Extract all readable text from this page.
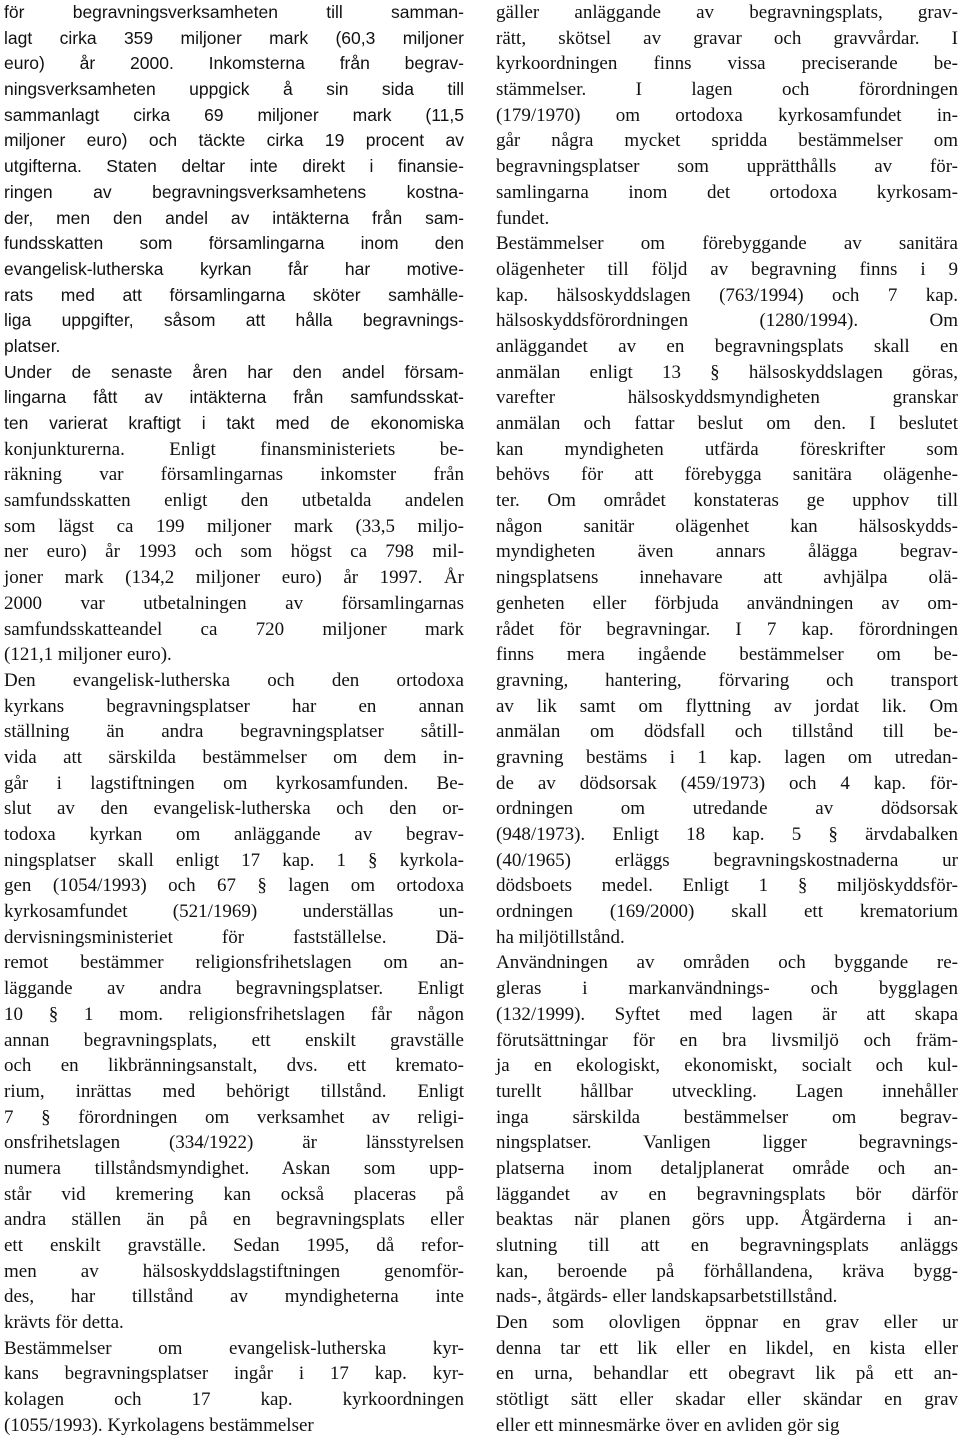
för begravningsverksamheten till samman-
lagt cirka 359 miljoner mark (60,3 miljoner
euro) år 2000. Inkomsterna från begrav-
ningsverksamheten uppgick å sin sida till
sammanlagt cirka 69 miljoner mark (11,5
miljoner euro) och täckte cirka 19 procent av
utgifterna. Staten deltar inte direkt i finansie-
ringen av begravningsverksamhetens kostna-
der, men den andel av intäkterna från sam-
fundsskatten som församlingarna inom den
evangelisk-lutherska kyrkan får har motive-
rats med att församlingarna sköter samhälle-
liga uppgifter, såsom att hålla begravnings-
platser.
Under de senaste åren har den andel försam-
lingarna fått av intäkterna från samfundsskat-
ten varierat kraftigt i takt med de ekonomiska
konjunkturerna. Enligt finansministeriets be-
räkning var församlingarnas inkomster från
samfundsskatten enligt den utbetalda andelen
som lägst ca 199 miljoner mark (33,5 miljo-
ner euro) år 1993 och som högst ca 798 mil-
joner mark (134,2 miljoner euro) år 1997. År
2000 var utbetalningen av församlingarnas
samfundsskatteandel ca 720 miljoner mark
(121,1 miljoner euro).
Den evangelisk-lutherska och den ortodoxa
kyrkans begravningsplatser har en annan
ställning än andra begravningsplatser såtill-
vida att särskilda bestämmelser om dem in-
går i lagstiftningen om kyrkosamfunden. Be-
slut av den evangelisk-lutherska och den or-
todoxa kyrkan om anläggande av begrav-
ningsplatser skall enligt 17 kap. 1 § kyrkola-
gen (1054/1993) och 67 § lagen om ortodoxa
kyrkosamfundet (521/1969) underställas un-
dervisningsministeriet för fastställelse. Dä-
remot bestämmer religionsfrihetslagen om an-
läggande av andra begravningsplatser. Enligt
10 § 1 mom. religionsfrihetslagen får någon
annan begravningsplats, ett enskilt gravställe
och en likbränningsanstalt, dvs. ett kremato-
rium, inrättas med behörigt tillstånd. Enligt
7 § förordningen om verksamhet av religi-
onsfrihetslagen (334/1922) är länsstyrelsen
numera tillståndsmyndighet. Askan som upp-
står vid kremering kan också placeras på
andra ställen än på en begravningsplats eller
ett enskilt gravställe. Sedan 1995, då refor-
men av hälsoskyddslagstiftningen genomför-
des, har tillstånd av myndigheterna inte
krävts för detta.
Bestämmelser om evangelisk-lutherska kyr-
kans begravningsplatser ingår i 17 kap. kyr-
kolagen och 17 kap. kyrkoordningen
(1055/1993). Kyrkolagens bestämmelser
gäller anläggande av begravningsplats, grav-
rätt, skötsel av gravar och gravvårdar. I
kyrkoordningen finns vissa preciserande be-
stämmelser. I lagen och förordningen
(179/1970) om ortodoxa kyrkosamfundet in-
går några mycket spridda bestämmelser om
begravningsplatser som upprätthålls av för-
samlingarna inom det ortodoxa kyrkosam-
fundet.
Bestämmelser om förebyggande av sanitära
olägenheter till följd av begravning finns i 9
kap. hälsoskyddslagen (763/1994) och 7 kap.
hälsoskyddsförordningen (1280/1994). Om
anläggandet av en begravningsplats skall en
anmälan enligt 13 § hälsoskyddslagen göras,
varefter hälsoskyddsmyndigheten granskar
anmälan och fattar beslut om den. I beslutet
kan myndigheten utfärda föreskrifter som
behövs för att förebygga sanitära olägenhe-
ter. Om området konstateras ge upphov till
någon sanitär olägenhet kan hälsoskydds-
myndigheten även annars ålägga begrav-
ningsplatsens innehavare att avhjälpa olä-
genheten eller förbjuda användningen av om-
rådet för begravningar. I 7 kap. förordningen
finns mera ingående bestämmelser om be-
gravning, hantering, förvaring och transport
av lik samt om flyttning av jordat lik. Om
anmälan om dödsfall och tillstånd till be-
gravning bestäms i 1 kap. lagen om utredan-
de av dödsorsak (459/1973) och 4 kap. för-
ordningen om utredande av dödsorsak
(948/1973). Enligt 18 kap. 5 § ärvdabalken
(40/1965) erläggs begravningskostnaderna ur
dödsboets medel. Enligt 1 § miljöskyddsför-
ordningen (169/2000) skall ett krematorium
ha miljötillstånd.
Användningen av områden och byggande re-
gleras i markanvändnings- och bygglagen
(132/1999). Syftet med lagen är att skapa
förutsättningar för en bra livsmiljö och främ-
ja en ekologiskt, ekonomiskt, socialt och kul-
turellt hållbar utveckling. Lagen innehåller
inga särskilda bestämmelser om begrav-
ningsplatser. Vanligen ligger begravnings-
platserna inom detaljplanerat område och an-
läggandet av en begravningsplats bör därför
beaktas när planen görs upp. Åtgärderna i an-
slutning till att en begravningsplats anläggs
kan, beroende på förhållandena, kräva bygg-
nads-, åtgärds- eller landskapsarbetstillstånd.
Den som olovligen öppnar en grav eller ur
denna tar ett lik eller en likdel, en kista eller
en urna, behandlar ett obegravt lik på ett an-
stötligt sätt eller skadar eller skändar en grav
eller ett minnesmärke över en avliden gör sig
